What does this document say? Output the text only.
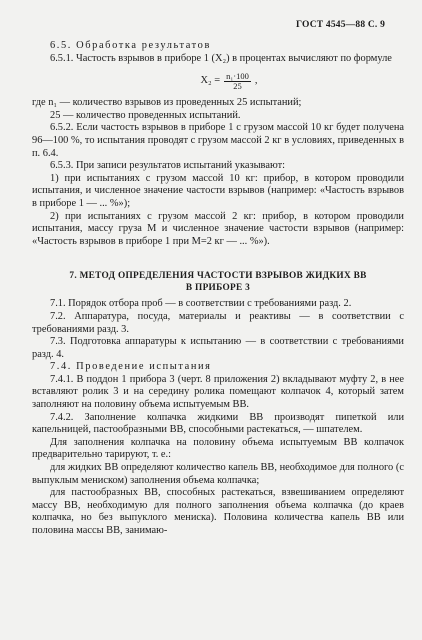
ГОСТ 4545—88 С. 9

6.5. Обработка результатов

6.5.1. Частость взрывов в приборе 1 (X₂) в процентах вычисляют по формуле

$X_2 = \frac{\text{n₁·100}}{25}$ ,

где n₁ — количество взрывов из проведенных 25 испытаний;

25 — количество проведенных испытаний.

6.5.2. Если частость взрывов в приборе 1 с грузом массой 10 кг будет получена 96—100 %, то испытания проводят с грузом массой 2 кг в условиях, приведенных в п. 6.4.

6.5.3. При записи результатов испытаний указывают:

1) при испытаниях с грузом массой 10 кг: прибор, в котором проводили испытания, и численное значение частости взрывов (например: «Частость взрывов в приборе 1 — ... %»);

2) при испытаниях с грузом массой 2 кг: прибор, в котором проводили испытания, массу груза М и численное значение частости взрывов (например: «Частость взрывов в приборе 1 при М=2 кг — ... %»).

7. МЕТОД ОПРЕДЕЛЕНИЯ ЧАСТОСТИ ВЗРЫВОВ ЖИДКИХ ВВ
В ПРИБОРЕ 3

7.1. Порядок отбора проб — в соответствии с требованиями разд. 2.

7.2. Аппаратура, посуда, материалы и реактивы — в соответствии с требованиями разд. 3.

7.3. Подготовка аппаратуры к испытанию — в соответствии с требованиями разд. 4.

7.4. Проведение испытания

7.4.1. В поддон 1 прибора 3 (черт. 8 приложения 2) вкладывают муфту 2, в нее вставляют ролик 3 и на середину ролика помещают колпачок 4, который затем заполняют на половину объема испытуемым ВВ.

7.4.2. Заполнение колпачка жидкими ВВ производят пипеткой или капельницей, пастообразными ВВ, способными растекаться, — шпателем.

Для заполнения колпачка на половину объема испытуемым ВВ колпачок предварительно тарируют, т. е.:

для жидких ВВ определяют количество капель ВВ, необходимое для полного (с выпуклым мениском) заполнения объема колпачка;

для пастообразных ВВ, способных растекаться, взвешиванием определяют массу ВВ, необходимую для полного заполнения объема колпачка (до краев колпачка, но без выпуклого мениска). Половина количества капель ВВ или половина массы ВВ, занимаю-
